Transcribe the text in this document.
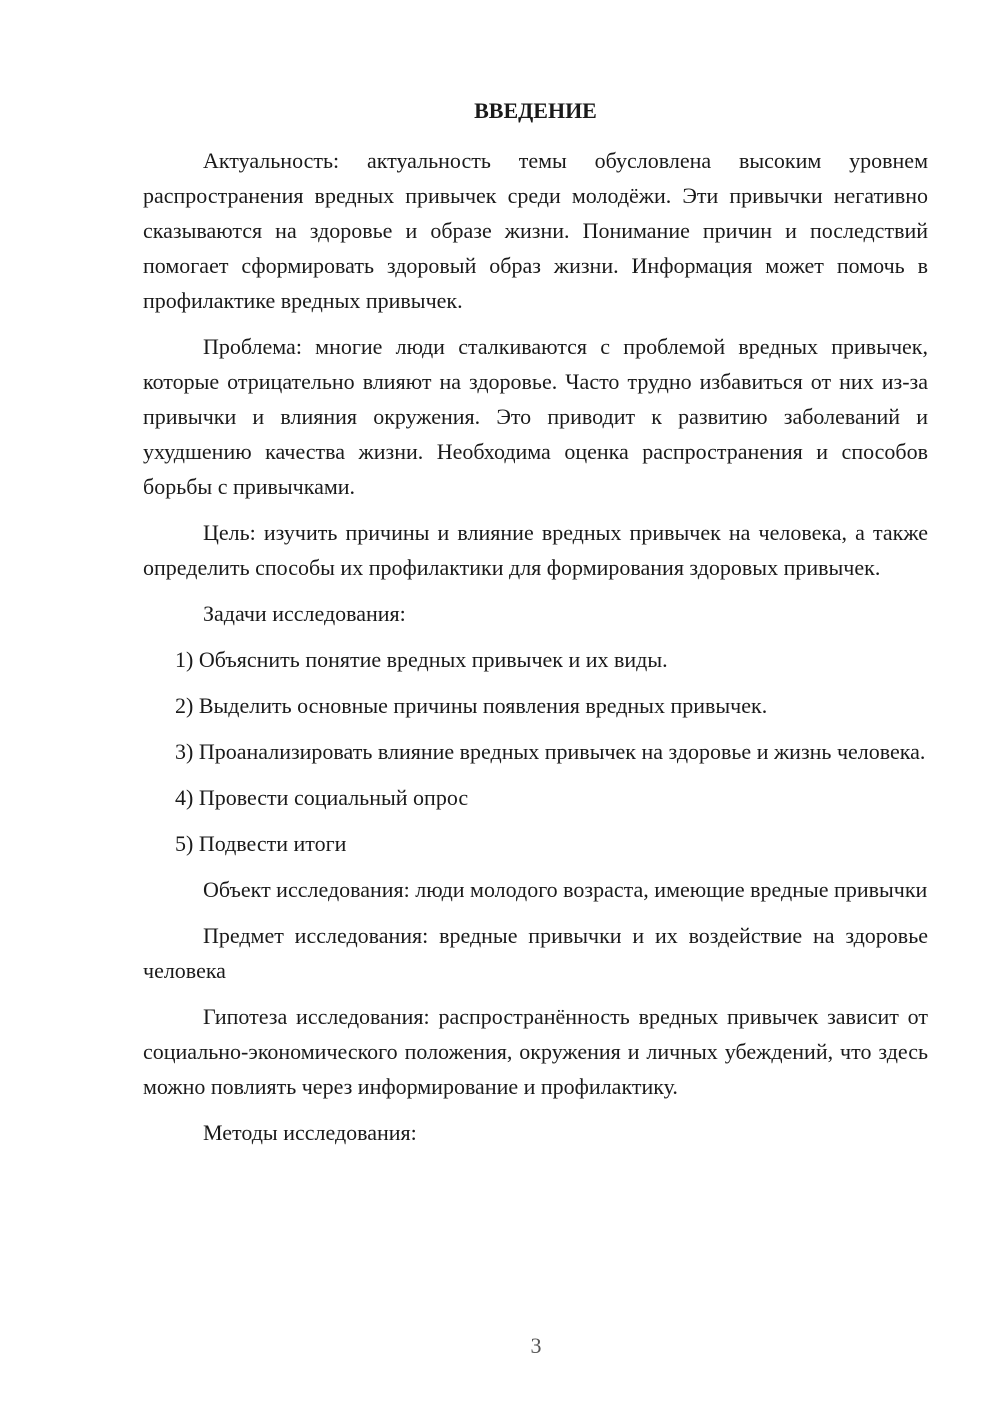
ВВЕДЕНИЕ

Актуальность: актуальность темы обусловлена высоким уровнем распространения вредных привычек среди молодёжи. Эти привычки негативно сказываются на здоровье и образе жизни. Понимание причин и последствий помогает сформировать здоровый образ жизни. Информация может помочь в профилактике вредных привычек.

Проблема: многие люди сталкиваются с проблемой вредных привычек, которые отрицательно влияют на здоровье. Часто трудно избавиться от них из-за привычки и влияния окружения. Это приводит к развитию заболеваний и ухудшению качества жизни. Необходима оценка распространения и способов борьбы с привычками.

Цель: изучить причины и влияние вредных привычек на человека, а также определить способы их профилактики для формирования здоровых привычек.

Задачи исследования:

1) Объяснить понятие вредных привычек и их виды.

2) Выделить основные причины появления вредных привычек.

3) Проанализировать влияние вредных привычек на здоровье и жизнь человека.

4) Провести социальный опрос

5) Подвести итоги

Объект исследования: люди молодого возраста, имеющие вредные привычки

Предмет исследования: вредные привычки и их воздействие на здоровье человека

Гипотеза исследования: распространённость вредных привычек зависит от социально-экономического положения, окружения и личных убеждений, что здесь можно повлиять через информирование и профилактику.

Методы исследования:

3
